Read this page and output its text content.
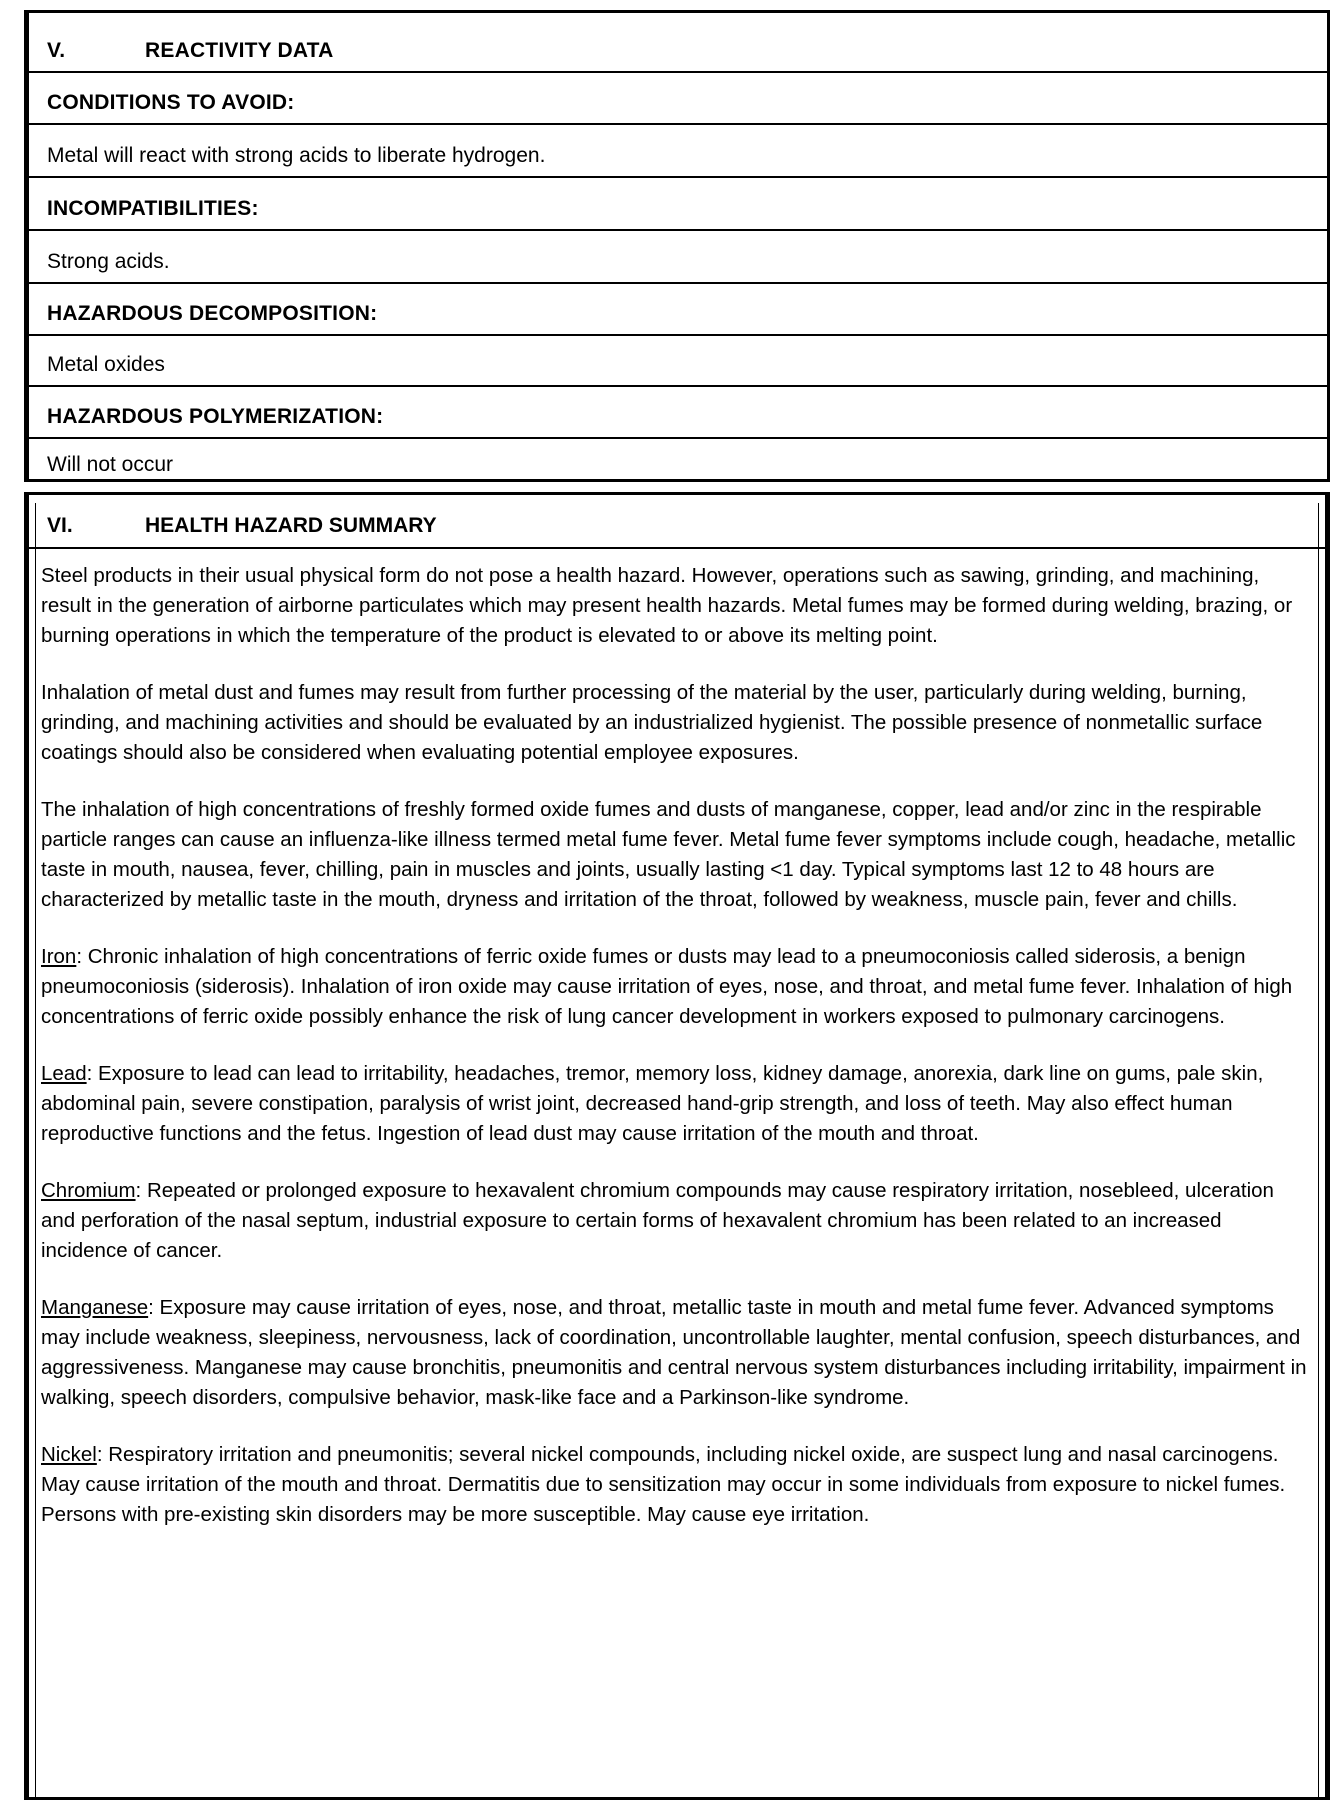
V.	REACTIVITY DATA
CONDITIONS TO AVOID:
Metal will react with strong acids to liberate hydrogen.
INCOMPATIBILITIES:
Strong acids.
HAZARDOUS DECOMPOSITION:
Metal oxides
HAZARDOUS POLYMERIZATION:
Will not occur
VI.	HEALTH HAZARD SUMMARY

Steel products in their usual physical form do not pose a health hazard. However, operations such as sawing, grinding, and machining, result in the generation of airborne particulates which may present health hazards. Metal fumes may be formed during welding, brazing, or burning operations in which the temperature of the product is elevated to or above its melting point.

Inhalation of metal dust and fumes may result from further processing of the material by the user, particularly during welding, burning, grinding, and machining activities and should be evaluated by an industrialized hygienist. The possible presence of nonmetallic surface coatings should also be considered when evaluating potential employee exposures.

The inhalation of high concentrations of freshly formed oxide fumes and dusts of manganese, copper, lead and/or zinc in the respirable particle ranges can cause an influenza-like illness termed metal fume fever. Metal fume fever symptoms include cough, headache, metallic taste in mouth, nausea, fever, chilling, pain in muscles and joints, usually lasting <1 day. Typical symptoms last 12 to 48 hours are characterized by metallic taste in the mouth, dryness and irritation of the throat, followed by weakness, muscle pain, fever and chills.

Iron: Chronic inhalation of high concentrations of ferric oxide fumes or dusts may lead to a pneumoconiosis called siderosis, a benign pneumoconiosis (siderosis). Inhalation of iron oxide may cause irritation of eyes, nose, and throat, and metal fume fever. Inhalation of high concentrations of ferric oxide possibly enhance the risk of lung cancer development in workers exposed to pulmonary carcinogens.

Lead: Exposure to lead can lead to irritability, headaches, tremor, memory loss, kidney damage, anorexia, dark line on gums, pale skin, abdominal pain, severe constipation, paralysis of wrist joint, decreased hand-grip strength, and loss of teeth. May also effect human reproductive functions and the fetus. Ingestion of lead dust may cause irritation of the mouth and throat.

Chromium: Repeated or prolonged exposure to hexavalent chromium compounds may cause respiratory irritation, nosebleed, ulceration and perforation of the nasal septum, industrial exposure to certain forms of hexavalent chromium has been related to an increased incidence of cancer.

Manganese: Exposure may cause irritation of eyes, nose, and throat, metallic taste in mouth and metal fume fever. Advanced symptoms may include weakness, sleepiness, nervousness, lack of coordination, uncontrollable laughter, mental confusion, speech disturbances, and aggressiveness. Manganese may cause bronchitis, pneumonitis and central nervous system disturbances including irritability, impairment in walking, speech disorders, compulsive behavior, mask-like face and a Parkinson-like syndrome.

Nickel: Respiratory irritation and pneumonitis; several nickel compounds, including nickel oxide, are suspect lung and nasal carcinogens. May cause irritation of the mouth and throat. Dermatitis due to sensitization may occur in some individuals from exposure to nickel fumes. Persons with pre-existing skin disorders may be more susceptible. May cause eye irritation.
